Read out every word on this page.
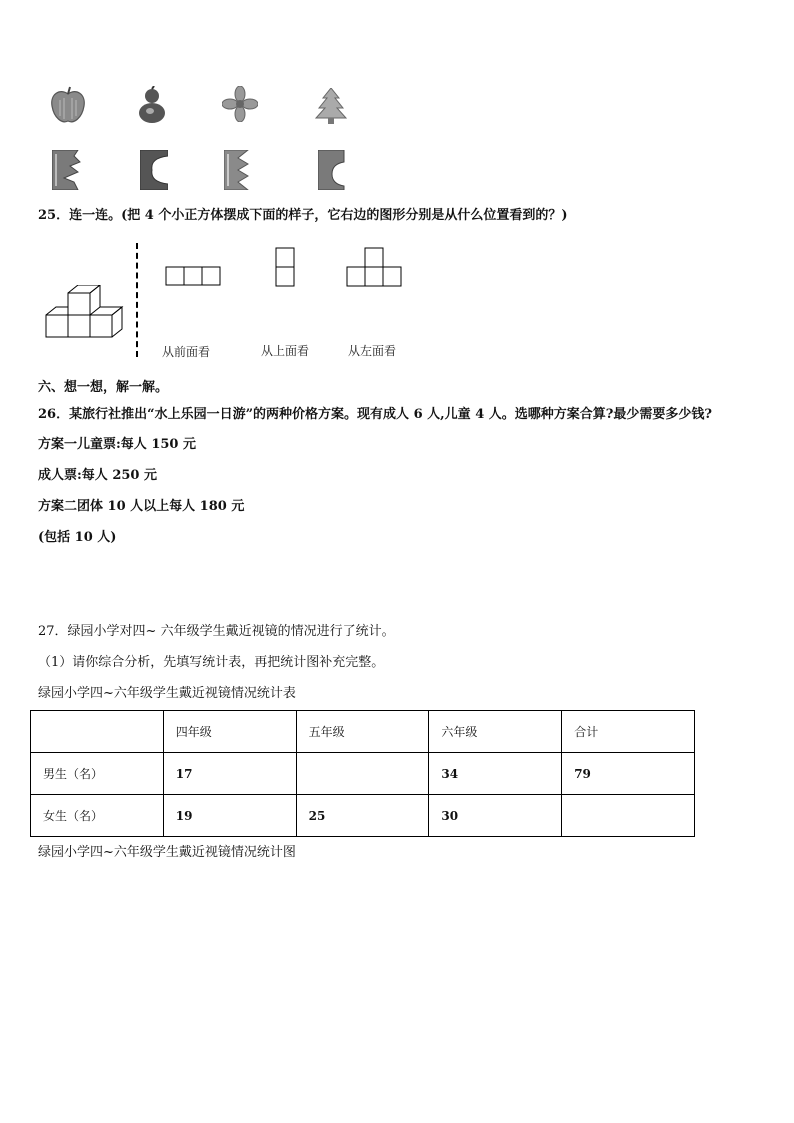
25．连一连。(把 4 个小正方体摆成下面的样子，它右边的图形分别是从什么位置看到的？)
从前面看	从上面看	从左面看
六、想一想，解一解。
26．某旅行社推出“水上乐园一日游”的两种价格方案。现有成人 6 人,儿童 4 人。选哪种方案合算?最少需要多少钱?
方案一儿童票:每人 150 元
成人票:每人 250 元
方案二团体 10 人以上每人 180 元
(包括 10 人)
27．绿园小学对四~ 六年级学生戴近视镜的情况进行了统计。
（1）请你综合分析，先填写统计表，再把统计图补充完整。
绿园小学四~六年级学生戴近视镜情况统计表
	四年级	五年级	六年级	合计
男生（名）	17		34	79
女生（名）	19	25	30	
绿园小学四~六年级学生戴近视镜情况统计图
